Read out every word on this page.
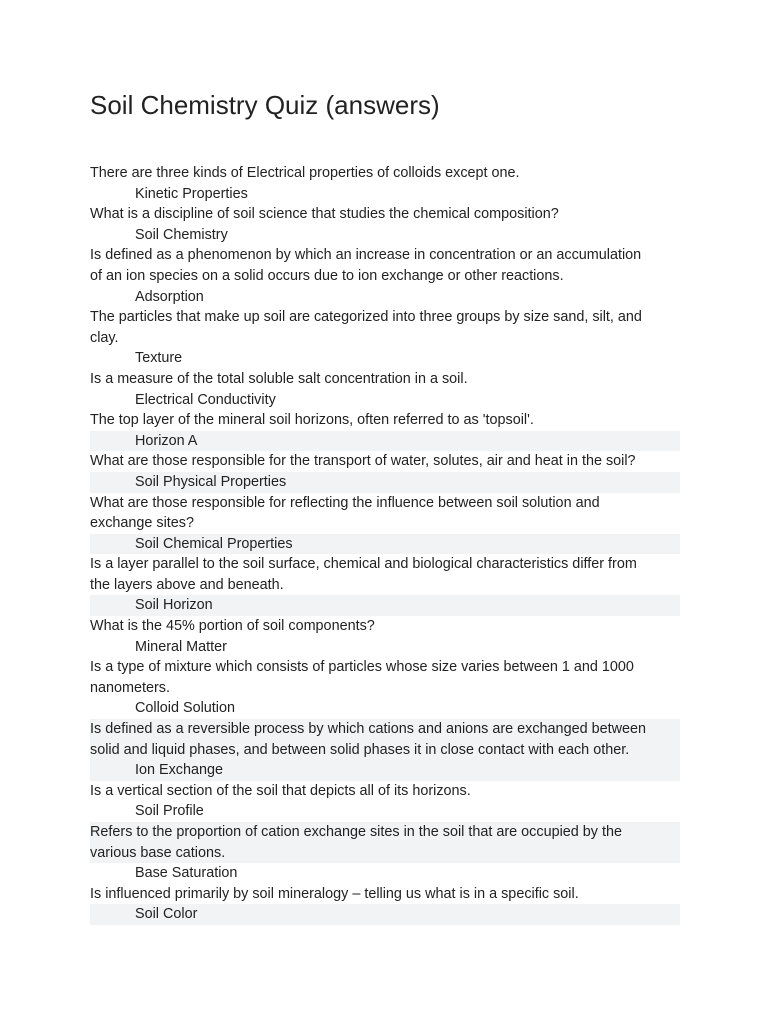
Soil Chemistry Quiz (answers)
There are three kinds of Electrical properties of colloids except one.
Kinetic Properties
What is a discipline of soil science that studies the chemical composition?
Soil Chemistry
Is defined as a phenomenon by which an increase in concentration or an accumulation
of an ion species on a solid occurs due to ion exchange or other reactions.
Adsorption
The particles that make up soil are categorized into three groups by size sand, silt, and
clay.
Texture
Is a measure of the total soluble salt concentration in a soil.
Electrical Conductivity
The top layer of the mineral soil horizons, often referred to as 'topsoil'.
Horizon A
What are those responsible for the transport of water, solutes, air and heat in the soil?
Soil Physical Properties
What are those responsible for reflecting the influence between soil solution and
exchange sites?
Soil Chemical Properties
Is a layer parallel to the soil surface, chemical and biological characteristics differ from
the layers above and beneath.
Soil Horizon
What is the 45% portion of soil components?
Mineral Matter
Is a type of mixture which consists of particles whose size varies between 1 and 1000
nanometers.
Colloid Solution
Is defined as a reversible process by which cations and anions are exchanged between
solid and liquid phases, and between solid phases it in close contact with each other.
Ion Exchange
Is a vertical section of the soil that depicts all of its horizons.
Soil Profile
Refers to the proportion of cation exchange sites in the soil that are occupied by the
various base cations.
Base Saturation
Is influenced primarily by soil mineralogy – telling us what is in a specific soil.
Soil Color
